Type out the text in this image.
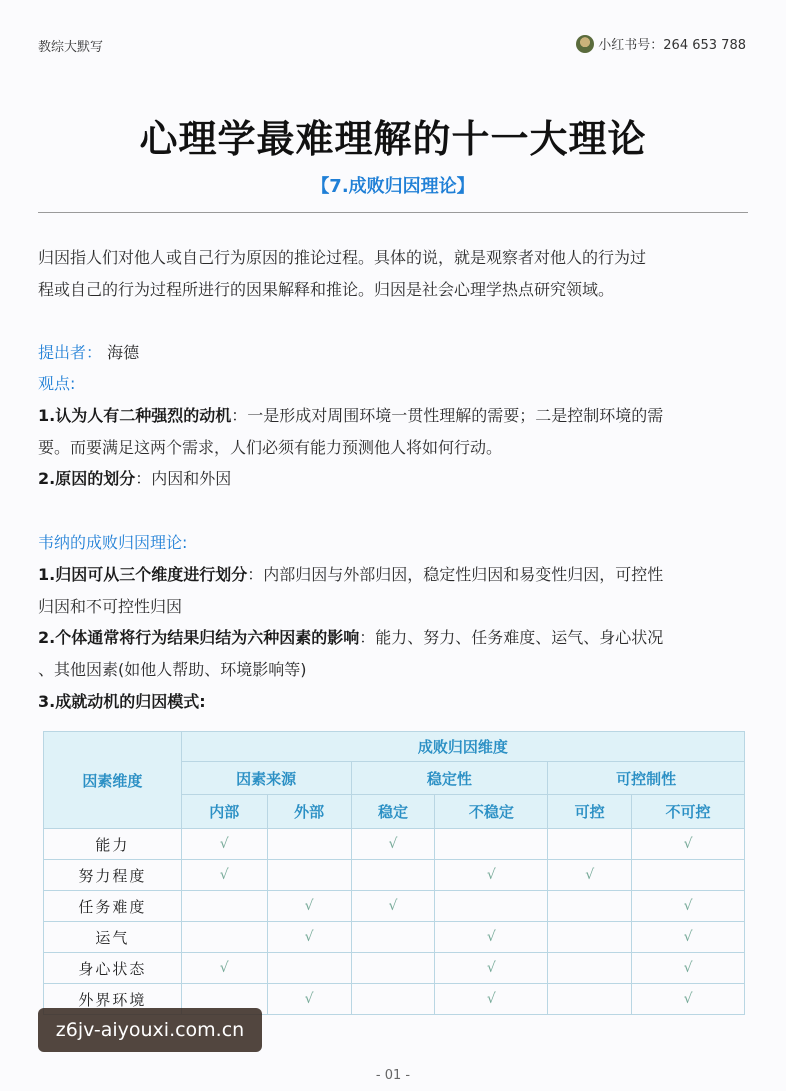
教综大默写	小红书号：264 653 788
心理学最难理解的十一大理论
【7.成败归因理论】
归因指人们对他人或自己行为原因的推论过程。具体的说，就是观察者对他人的行为过
程或自己的行为过程所进行的因果解释和推论。归因是社会心理学热点研究领域。
提出者： 海德
观点:
1.认为人有二种强烈的动机：一是形成对周围环境一贯性理解的需要；二是控制环境的需
要。而要满足这两个需求，人们必须有能力预测他人将如何行动。
2.原因的划分：内因和外因
韦纳的成败归因理论:
1.归因可从三个维度进行划分：内部归因与外部归因，稳定性归因和易变性归因，可控性
归因和不可控性归因
2.个体通常将行为结果归结为六种因素的影响：能力、努力、任务难度、运气、身心状况
、其他因素(如他人帮助、环境影响等)
3.成就动机的归因模式:
因素维度	成败归因维度					
	因素来源		稳定性		可控制性	
	内部	外部	稳定	不稳定	可控	不可控
能力	√		√			√
努力程度	√			√	√	
任务难度		√	√			√
运气		√		√		√
身心状态	√			√		√
外界环境		√		√		√
z6jv-aiyouxi.com.cn
- 01 -
